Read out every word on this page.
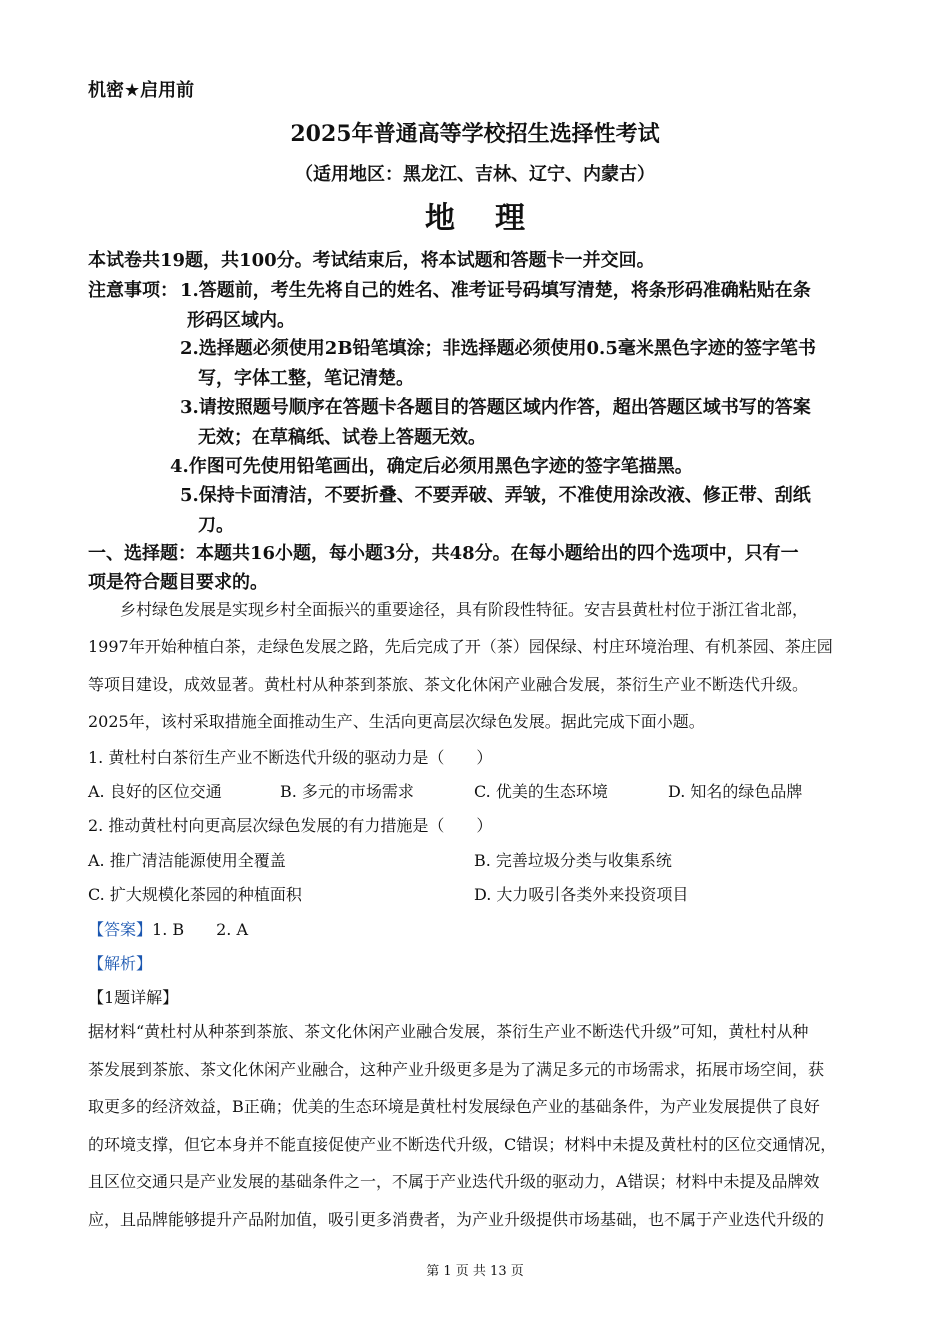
机密★启用前
2025年普通高等学校招生选择性考试
（适用地区：黑龙江、吉林、辽宁、内蒙古）
地理
本试卷共19题，共100分。考试结束后，将本试题和答题卡一并交回。
注意事项： 1.答题前，考生先将自己的姓名、准考证号码填写清楚，将条形码准确粘贴在条
形码区域内。
2.选择题必须使用2B铅笔填涂；非选择题必须使用0.5毫米黑色字迹的签字笔书
写，字体工整，笔记清楚。
3.请按照题号顺序在答题卡各题目的答题区域内作答，超出答题区域书写的答案
无效；在草稿纸、试卷上答题无效。
4.作图可先使用铅笔画出，确定后必须用黑色字迹的签字笔描黑。
5.保持卡面清洁，不要折叠、不要弄破、弄皱，不准使用涂改液、修正带、刮纸
刀。
一、选择题：本题共16小题，每小题3分，共48分。在每小题给出的四个选项中，只有一
项是符合题目要求的。
乡村绿色发展是实现乡村全面振兴的重要途径，具有阶段性特征。安吉县黄杜村位于浙江省北部，
1997年开始种植白茶，走绿色发展之路，先后完成了开（茶）园保绿、村庄环境治理、有机茶园、茶庄园
等项目建设，成效显著。黄杜村从种茶到茶旅、茶文化休闲产业融合发展，茶衍生产业不断迭代升级。
2025年，该村采取措施全面推动生产、生活向更高层次绿色发展。据此完成下面小题。
1. 黄杜村白茶衍生产业不断迭代升级的驱动力是（　　）
A. 良好的区位交通	B. 多元的市场需求	C. 优美的生态环境	D. 知名的绿色品牌
2. 推动黄杜村向更高层次绿色发展的有力措施是（　　）
A. 推广清洁能源使用全覆盖	B. 完善垃圾分类与收集系统
C. 扩大规模化茶园的种植面积	D. 大力吸引各类外来投资项目
【答案】1. B　　2. A
【解析】
【1题详解】
据材料“黄杜村从种茶到茶旅、茶文化休闲产业融合发展，茶衍生产业不断迭代升级”可知，黄杜村从种
茶发展到茶旅、茶文化休闲产业融合，这种产业升级更多是为了满足多元的市场需求，拓展市场空间，获
取更多的经济效益，B正确；优美的生态环境是黄杜村发展绿色产业的基础条件，为产业发展提供了良好
的环境支撑，但它本身并不能直接促使产业不断迭代升级，C错误；材料中未提及黄杜村的区位交通情况，
且区位交通只是产业发展的基础条件之一，不属于产业迭代升级的驱动力，A错误；材料中未提及品牌效
应，且品牌能够提升产品附加值，吸引更多消费者，为产业升级提供市场基础，也不属于产业迭代升级的
第 1 页 共 13 页
